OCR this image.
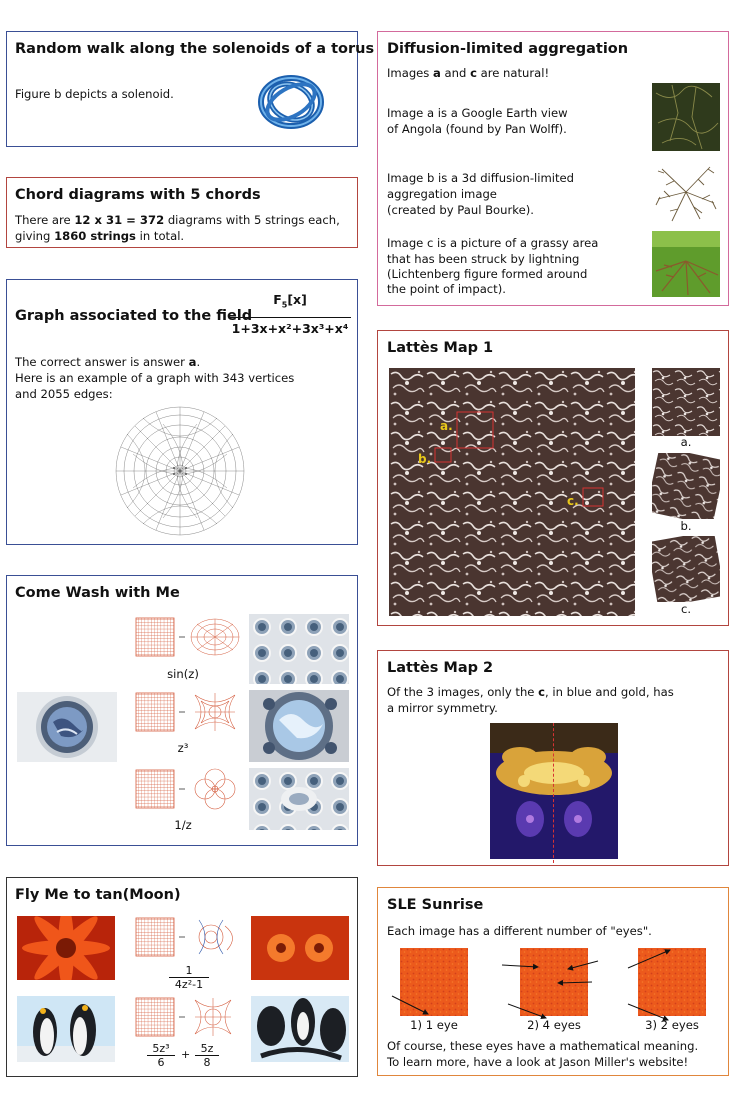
Random walk along the solenoids of a torus
Figure b depicts a solenoid.
Chord diagrams with 5 chords
There are 12 x 31 = 372 diagrams with 5 strings each,
giving 1860 strings in total.
Graph associated to the field
$F_5[x]$
1+3x+x²+3x³+x⁴
The correct answer is answer a.
Here is an example of a graph with 343 vertices
and 2055 edges:
Come Wash with Me
sin(z)
z³
1/z
Fly Me to tan(Moon)
1
4z²-1
5z³
6
+ 5z
8
Diffusion-limited aggregation
Images a and c are natural!
Image a is a Google Earth view
of Angola (found by Pan Wolff).
Image b is a 3d diffusion-limited
aggregation image
(created by Paul Bourke).
Image c is a picture of a grassy area
that has been struck by lightning
(Lichtenberg figure formed around
the point of impact).
Lattès Map 1
a.
b.
c.
a.
b.
c.
Lattès Map 2
Of the 3 images, only the c, in blue and gold, has
a mirror symmetry.
SLE Sunrise
Each image has a different number of "eyes".
1) 1 eye	2) 4 eyes	3) 2 eyes
Of course, these eyes have a mathematical meaning.
To learn more, have a look at Jason Miller's website!
